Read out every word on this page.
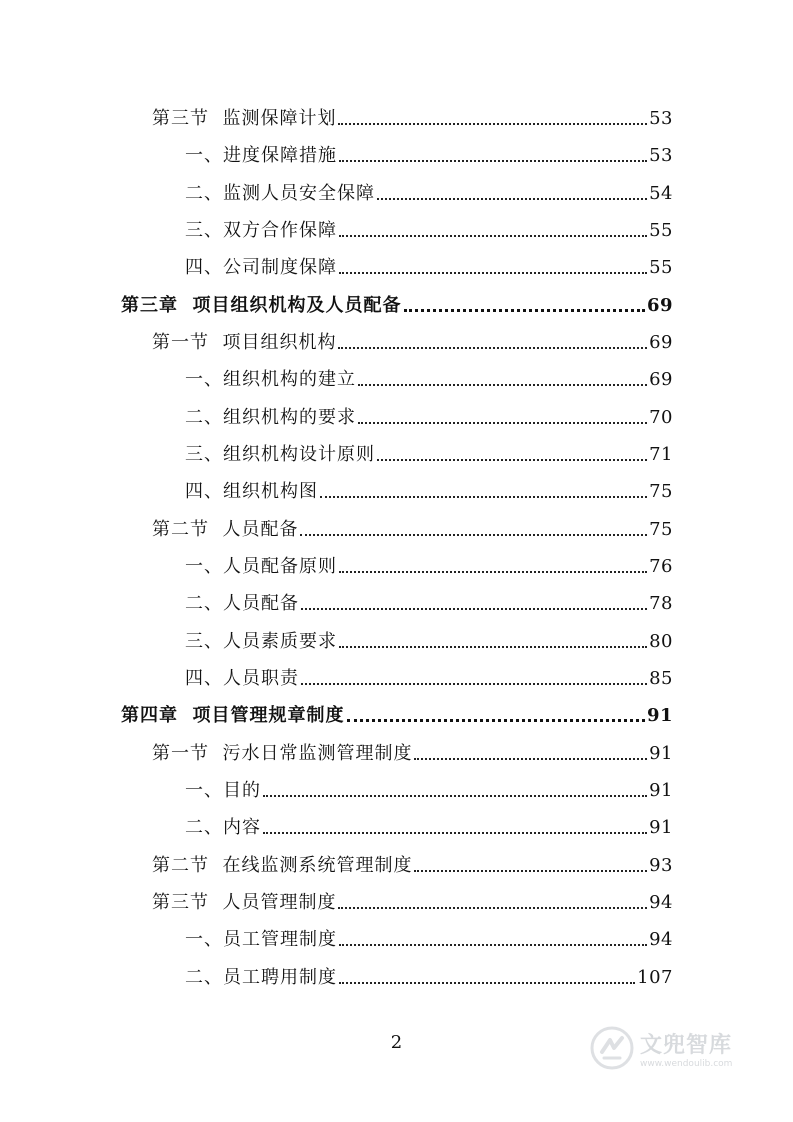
第三节  监测保障计划	53
一、进度保障措施	53
二、监测人员安全保障	54
三、双方合作保障	55
四、公司制度保障	55
第三章  项目组织机构及人员配备	69
第一节  项目组织机构	69
一、组织机构的建立	69
二、组织机构的要求	70
三、组织机构设计原则	71
四、组织机构图	75
第二节  人员配备	75
一、人员配备原则	76
二、人员配备	78
三、人员素质要求	80
四、人员职责	85
第四章  项目管理规章制度	91
第一节  污水日常监测管理制度	91
一、目的	91
二、内容	91
第二节  在线监测系统管理制度	93
第三节  人员管理制度	94
一、员工管理制度	94
二、员工聘用制度	107
2	文兜智库
www.wendoulib.com
